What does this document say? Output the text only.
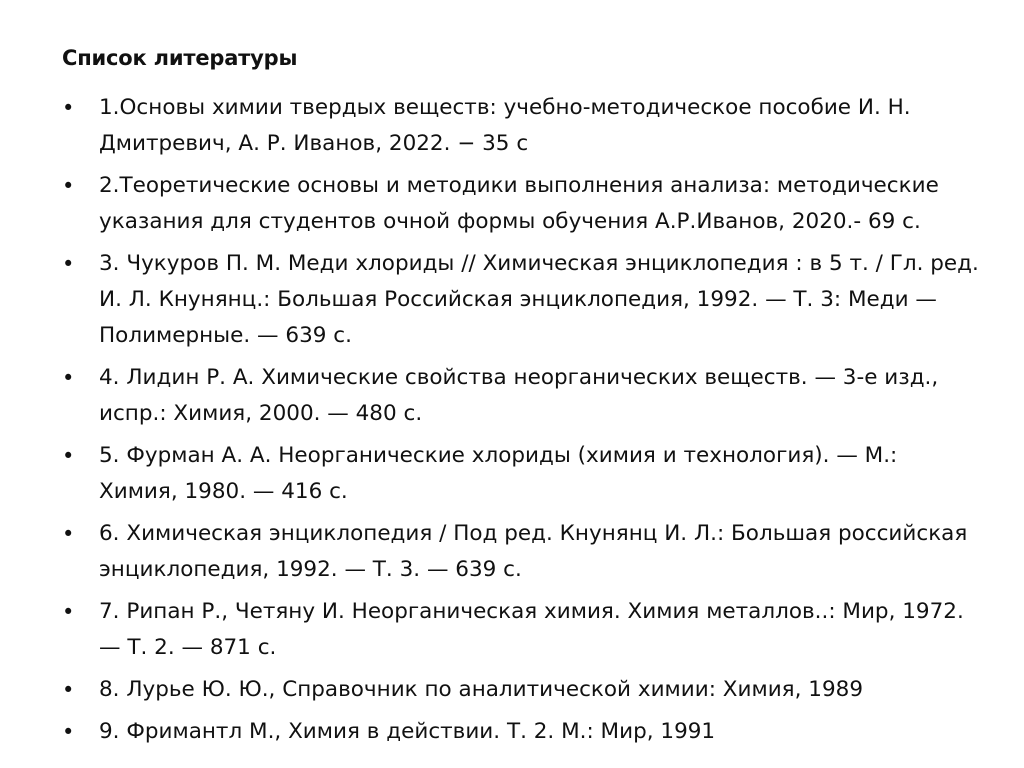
Список литературы
•	1.Основы химии твердых веществ: учебно-методическое пособие И. Н. Дмитревич, А. Р. Иванов, 2022. − 35 с
•	2.Теоретические основы и методики выполнения анализа: методические указания для студентов очной формы обучения А.Р.Иванов, 2020.- 69 с.
•	3. Чукуров П. М. Меди хлориды // Химическая энциклопедия : в 5 т. / Гл. ред. И. Л. Кнунянц.: Большая Российская энциклопедия, 1992. — Т. 3: Меди — Полимерные. — 639 с.
•	4. Лидин Р. А. Химические свойства неорганических веществ. — 3-е изд., испр.: Химия, 2000. — 480 с.
•	5. Фурман А. А. Неорганические хлориды (химия и технология). — М.: Химия, 1980. — 416 с.
•	6. Химическая энциклопедия / Под ред. Кнунянц И. Л.: Большая российская энциклопедия, 1992. — Т. 3. — 639 с.
•	7. Рипан Р., Четяну И. Неорганическая химия. Химия металлов..: Мир, 1972. — Т. 2. — 871 с.
•	8. Лурье Ю. Ю., Справочник по аналитической химии: Химия, 1989
•	9. Фримантл М., Химия в действии. Т. 2. М.: Мир, 1991
